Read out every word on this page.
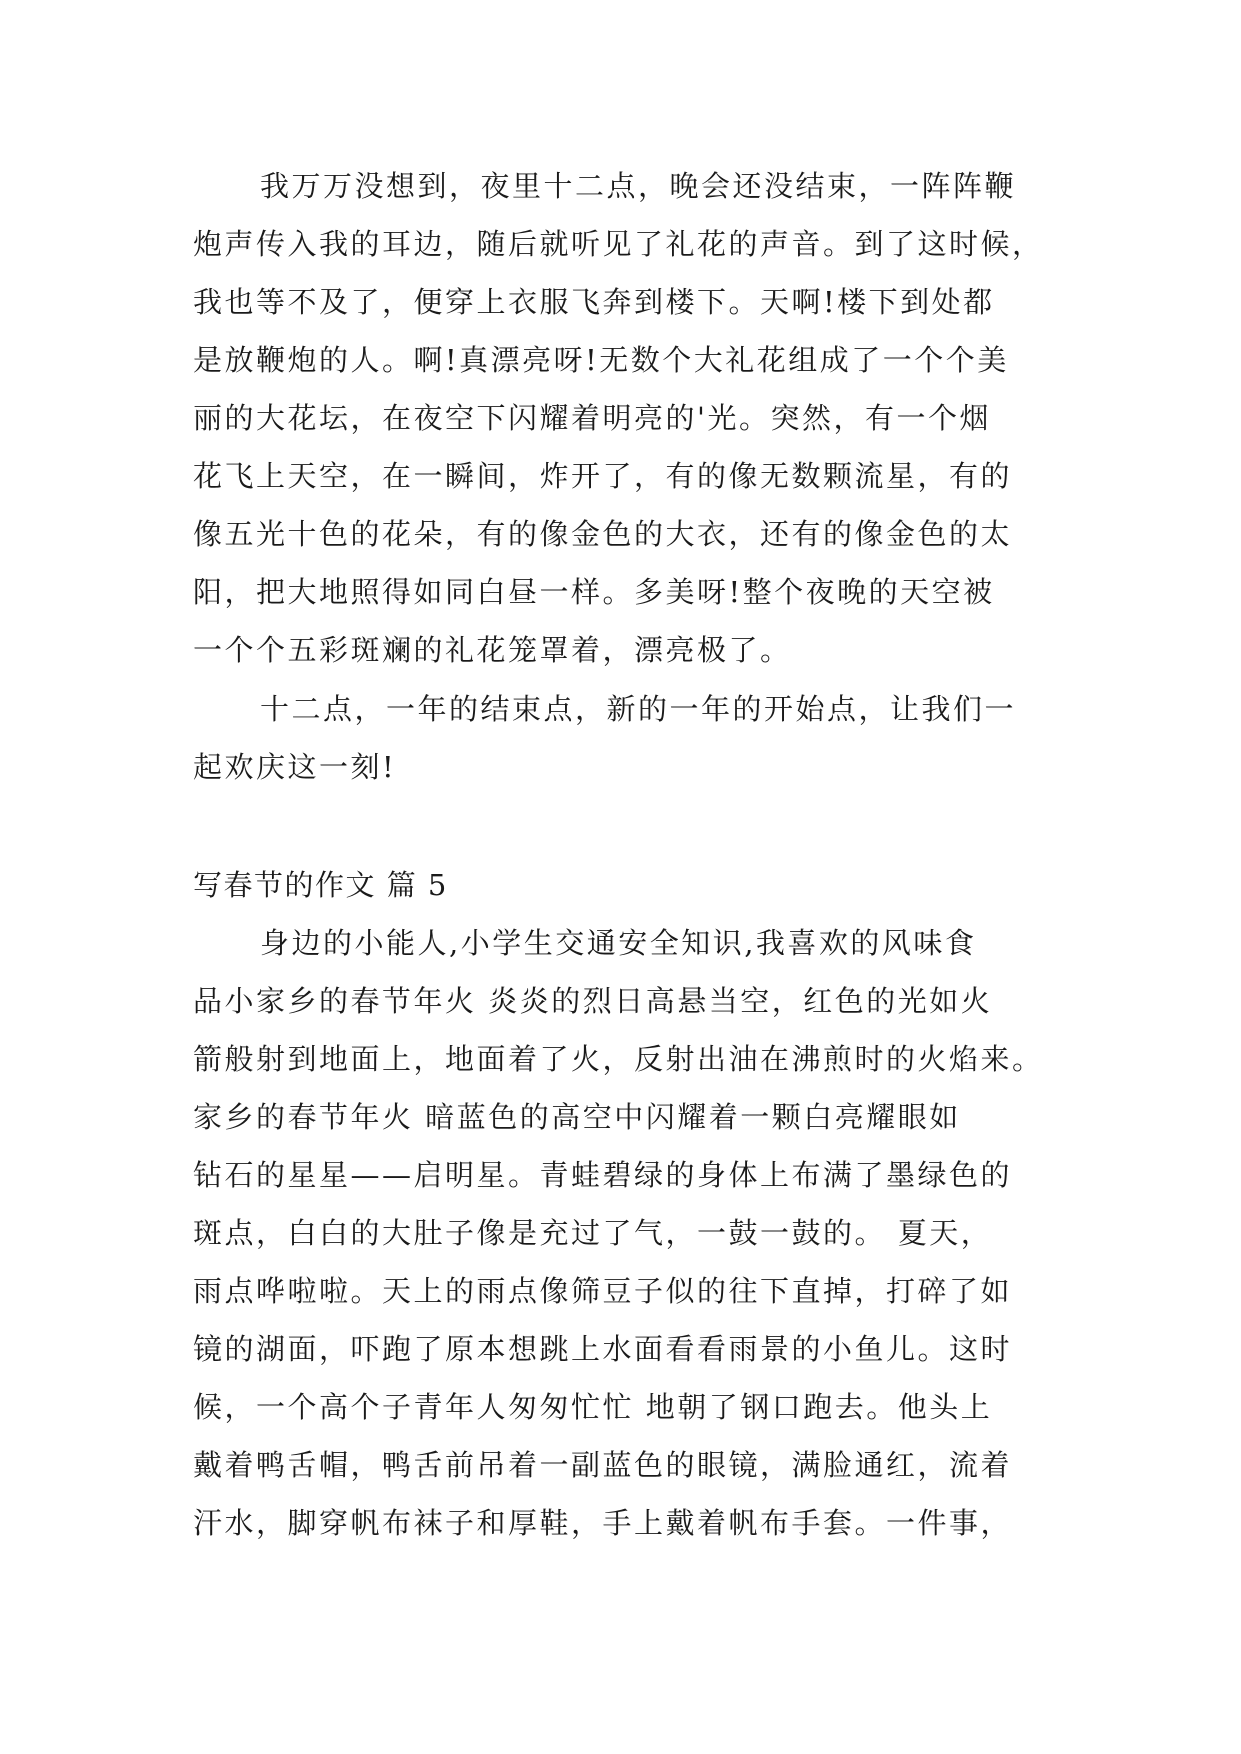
我万万没想到，夜里十二点，晚会还没结束，一阵阵鞭
炮声传入我的耳边，随后就听见了礼花的声音。到了这时候，
我也等不及了，便穿上衣服飞奔到楼下。天啊!楼下到处都
是放鞭炮的人。啊!真漂亮呀!无数个大礼花组成了一个个美
丽的大花坛，在夜空下闪耀着明亮的'光。突然，有一个烟
花飞上天空，在一瞬间，炸开了，有的像无数颗流星，有的
像五光十色的花朵，有的像金色的大衣，还有的像金色的太
阳，把大地照得如同白昼一样。多美呀!整个夜晚的天空被
一个个五彩斑斓的礼花笼罩着，漂亮极了。
十二点，一年的结束点，新的一年的开始点，让我们一
起欢庆这一刻!
写春节的作文 篇 5
身边的小能人,小学生交通安全知识,我喜欢的风味食
品小家乡的春节年火 炎炎的烈日高悬当空，红色的光如火
箭般射到地面上，地面着了火，反射出油在沸煎时的火焰来。
家乡的春节年火 暗蓝色的高空中闪耀着一颗白亮耀眼如
钻石的星星——启明星。青蛙碧绿的身体上布满了墨绿色的
斑点，白白的大肚子像是充过了气，一鼓一鼓的。 夏天，
雨点哗啦啦。天上的雨点像筛豆子似的往下直掉，打碎了如
镜的湖面，吓跑了原本想跳上水面看看雨景的小鱼儿。这时
候，一个高个子青年人匆匆忙忙 地朝了钢口跑去。他头上
戴着鸭舌帽，鸭舌前吊着一副蓝色的眼镜，满脸通红，流着
汗水，脚穿帆布袜子和厚鞋，手上戴着帆布手套。一件事，
